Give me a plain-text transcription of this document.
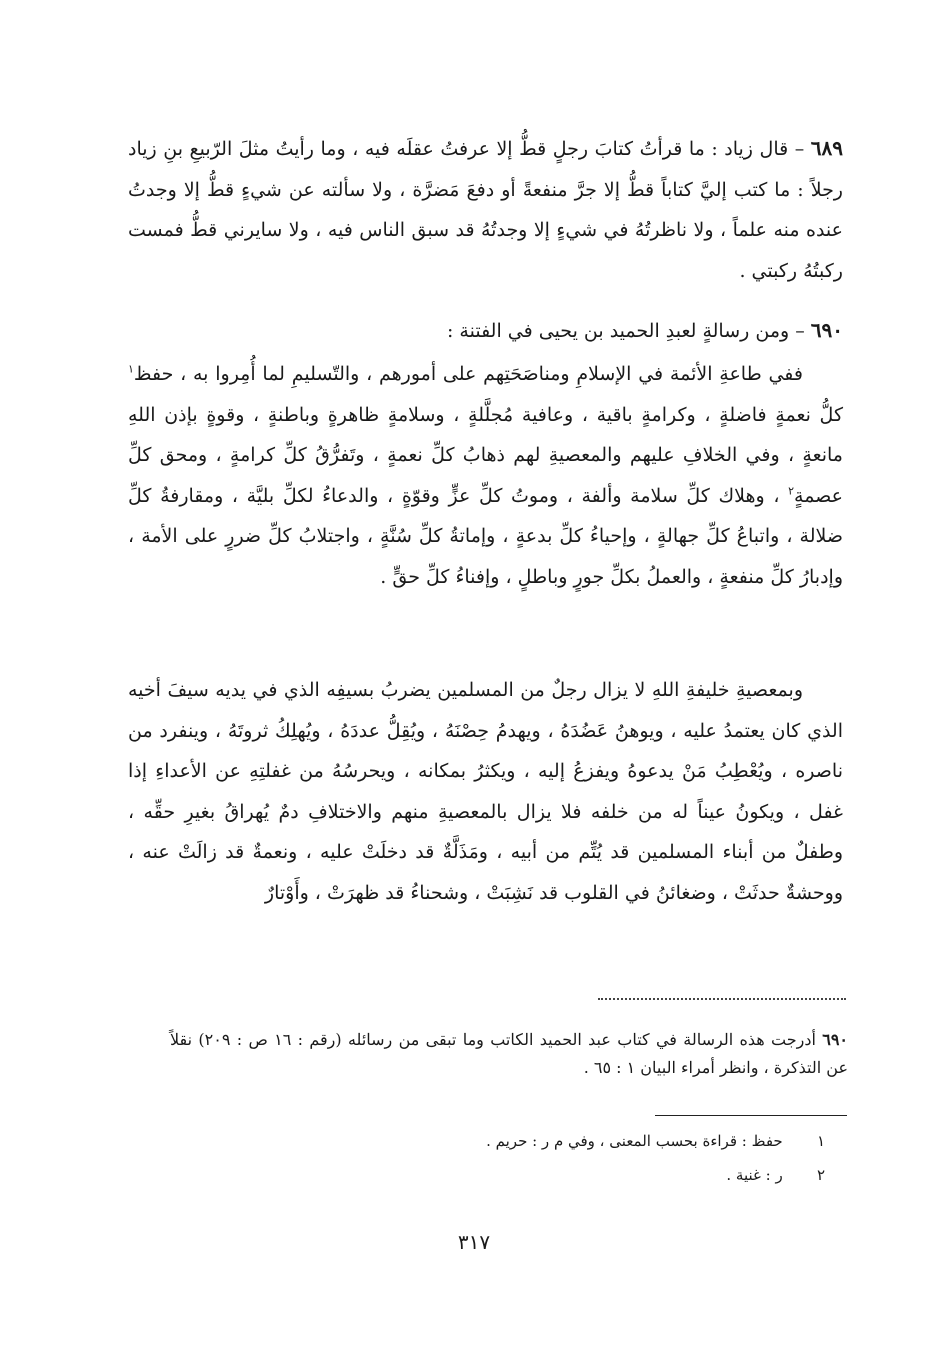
٦٨٩ – قال زياد : ما قرأتُ كتابَ رجلٍ قطُّ إلا عرفتُ عقلَه فيه ، وما رأيتُ مثلَ الرّبيعِ بنِ زياد رجلاً : ما كتب إليَّ كتاباً قطُّ إلا جرَّ منفعةً أو دفعَ مَضرَّة ، ولا سألته عن شيءٍ قطُّ إلا وجدتُ عنده منه علماً ، ولا ناظرتُهُ في شيءٍ إلا وجدتُهُ قد سبق الناس فيه ، ولا سايرني قطُّ فمست ركبتُهُ ركبتي .

٦٩٠ – ومن رسالةٍ لعبدِ الحميد بن يحيى في الفتنة :

ففي طاعةِ الأئمة في الإسلامِ ومناصَحَتِهم على أمورهم ، والتّسليمِ لما أُمِروا به ، حفظ$^١$ كلُّ نعمةٍ فاضلةٍ ، وكرامةٍ باقية ، وعافية مُجلَّلةٍ ، وسلامةٍ ظاهرةٍ وباطنةٍ ، وقوةٍ بإذن اللهِ مانعةٍ ، وفي الخلافِ عليهم والمعصيةِ لهم ذهابُ كلِّ نعمةٍ ، وتَفرُّقُ كلِّ كرامةٍ ، ومحق كلِّ عصمةٍ$^٢$ ، وهلاك كلِّ سلامة وألفة ، وموتُ كلِّ عزٍّ وقوّةٍ ، والدعاءُ لكلِّ بليَّة ، ومقارفةُ كلِّ ضلالة ، واتباعُ كلِّ جهالةٍ ، وإحياءُ كلِّ بدعةٍ ، وإماتةُ كلِّ سُنَّةٍ ، واجتلابُ كلِّ ضررٍ على الأمة ، وإدبارُ كلِّ منفعةٍ ، والعملُ بكلِّ جورٍ وباطلٍ ، وإفناءُ كلِّ حقٍّ .

وبمعصيةِ خليفةِ اللهِ لا يزال رجلٌ من المسلمين يضربُ بسيفِه الذي في يديه سيفَ أخيه الذي كان يعتمدُ عليه ، ويوهنُ عَضُدَهُ ، ويهدمُ حِصْنَهُ ، ويُقِلُّ عددَهُ ، ويُهلِكُ ثروتَهُ ، وينفرد من ناصره ، ويُعْطِبُ مَنْ يدعوهُ ويفزعُ إليه ، ويكثرُ بمكانه ، ويحرسُهُ من غفلتِهِ عن الأعداءِ إذا غفل ، ويكونُ عيناً له من خلفه فلا يزال بالمعصيةِ منهم والاختلافِ دمٌ يُهراقُ بغيرِ حقِّه ، وطفلٌ من أبناء المسلمين قد يُتِّم من أبيه ، ومَذَلَّةٌ قد دخلَتْ عليه ، ونعمةٌ قد زالَتْ عنه ، ووحشةٌ حدثَتْ ، وضغائنُ في القلوب قد نَشِبَتْ ، وشحناءُ قد ظهرَتْ ، وأَوْتارٌ

٦٩٠ أدرجت هذه الرسالة في كتاب عبد الحميد الكاتب وما تبقى من رسائله (رقم : ١٦ ص : ٢٠٩) نقلاً عن التذكرة ، وانظر أمراء البيان ١ : ٦٥ .

١   حفظ : قراءة بحسب المعنى ، وفي م ر : حريم .
٢   ر : غنية .
٣١٧
